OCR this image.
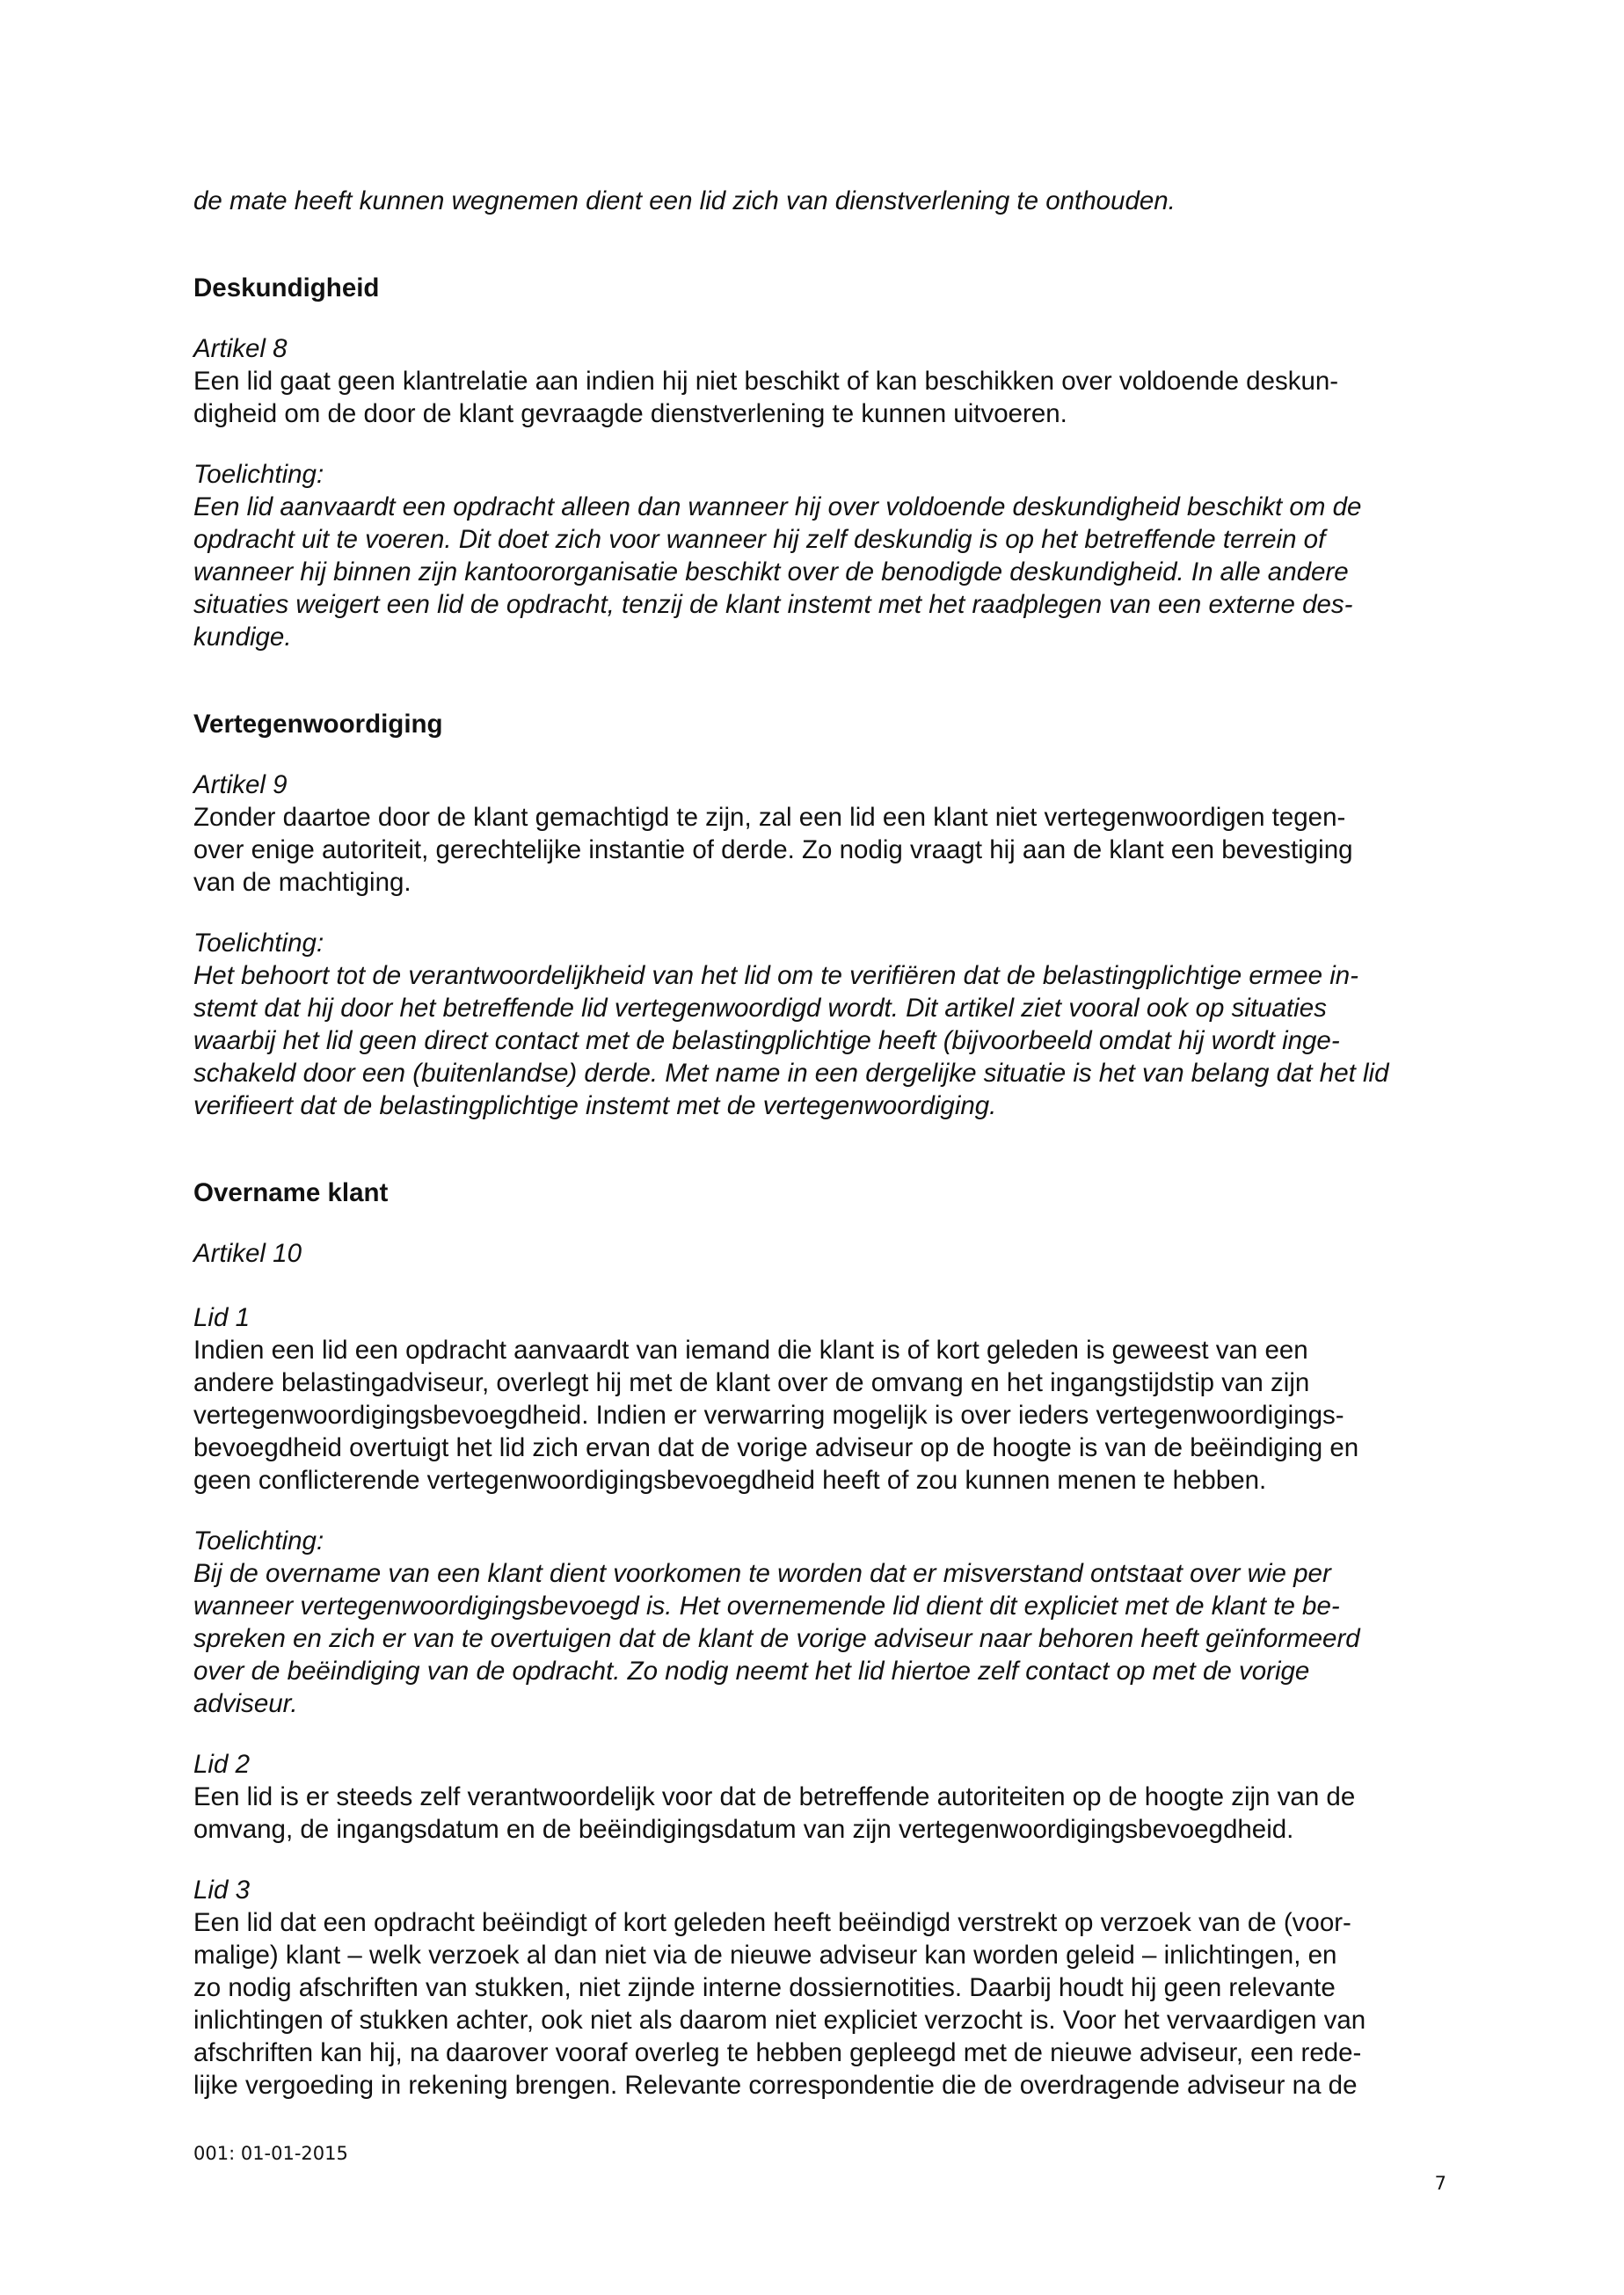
de mate heeft kunnen wegnemen dient een lid zich van dienstverlening te onthouden.
Deskundigheid
Artikel 8
Een lid gaat geen klantrelatie aan indien hij niet beschikt of kan beschikken over voldoende deskun-
digheid om de door de klant gevraagde dienstverlening te kunnen uitvoeren.
Toelichting:
Een lid aanvaardt een opdracht alleen dan wanneer hij over voldoende deskundigheid beschikt om de
opdracht uit te voeren. Dit doet zich voor wanneer hij zelf deskundig is op het betreffende terrein of
wanneer hij binnen zijn kantoororganisatie beschikt over de benodigde deskundigheid. In alle andere
situaties weigert een lid de opdracht, tenzij de klant instemt met het raadplegen van een externe des-
kundige.
Vertegenwoordiging
Artikel 9
Zonder daartoe door de klant gemachtigd te zijn, zal een lid een klant niet vertegenwoordigen tegen-
over enige autoriteit, gerechtelijke instantie of derde. Zo nodig vraagt hij aan de klant een bevestiging
van de machtiging.
Toelichting:
Het behoort tot de verantwoordelijkheid van het lid om te verifiëren dat de belastingplichtige ermee in-
stemt dat hij door het betreffende lid vertegenwoordigd wordt. Dit artikel ziet vooral ook op situaties
waarbij het lid geen direct contact met de belastingplichtige heeft (bijvoorbeeld omdat hij wordt inge-
schakeld door een (buitenlandse) derde. Met name in een dergelijke situatie is het van belang dat het lid
verifieert dat de belastingplichtige instemt met de vertegenwoordiging.
Overname klant
Artikel 10
Lid 1
Indien een lid een opdracht aanvaardt van iemand die klant is of kort geleden is geweest van een
andere belastingadviseur, overlegt hij met de klant over de omvang en het ingangstijdstip van zijn
vertegenwoordigingsbevoegdheid. Indien er verwarring mogelijk is over ieders vertegenwoordigings-
bevoegdheid overtuigt het lid zich ervan dat de vorige adviseur op de hoogte is van de beëindiging en
geen conflicterende vertegenwoordigingsbevoegdheid heeft of zou kunnen menen te hebben.
Toelichting:
Bij de overname van een klant dient voorkomen te worden dat er misverstand ontstaat over wie per
wanneer vertegenwoordigingsbevoegd is. Het overnemende lid dient dit expliciet met de klant te be-
spreken en zich er van te overtuigen dat de klant de vorige adviseur naar behoren heeft geïnformeerd
over de beëindiging van de opdracht. Zo nodig neemt het lid hiertoe zelf contact op met de vorige
adviseur.
Lid 2
Een lid is er steeds zelf verantwoordelijk voor dat de betreffende autoriteiten op de hoogte zijn van de
omvang, de ingangsdatum en de beëindigingsdatum van zijn vertegenwoordigingsbevoegdheid.
Lid 3
Een lid dat een opdracht beëindigt of kort geleden heeft beëindigd verstrekt op verzoek van de (voor-
malige) klant – welk verzoek al dan niet via de nieuwe adviseur kan worden geleid – inlichtingen, en
zo nodig afschriften van stukken, niet zijnde interne dossiernotities. Daarbij houdt hij geen relevante
inlichtingen of stukken achter, ook niet als daarom niet expliciet verzocht is. Voor het vervaardigen van
afschriften kan hij, na daarover vooraf overleg te hebben gepleegd met de nieuwe adviseur, een rede-
lijke vergoeding in rekening brengen. Relevante correspondentie die de overdragende adviseur na de
001: 01-01-2015
7
